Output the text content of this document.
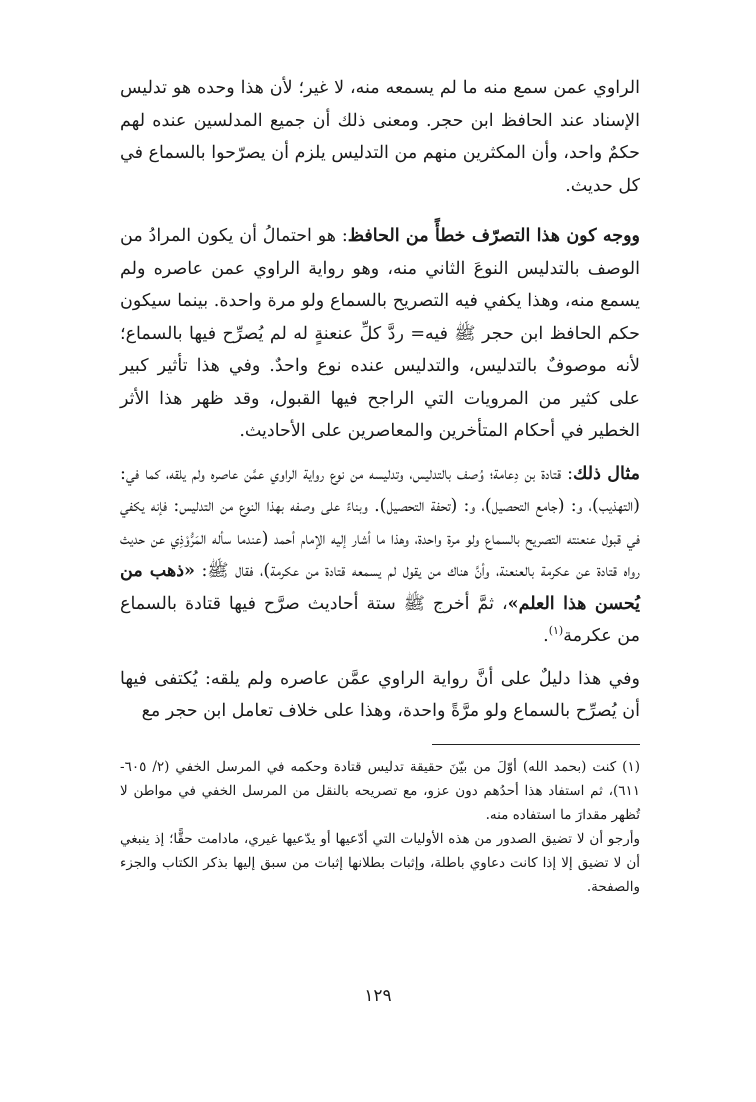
الراوي عمن سمع منه ما لم يسمعه منه، لا غير؛ لأن هذا وحده هو تدليس الإسناد عند الحافظ ابن حجر. ومعنى ذلك أن جميع المدلسين عنده لهم حكمٌ واحد، وأن المكثرين منهم من التدليس يلزم أن يصرّحوا بالسماع في كل حديث.

ووجه كون هذا التصرّف خطأً من الحافظ: هو احتمالُ أن يكون المرادُ من الوصف بالتدليس النوعَ الثاني منه، وهو رواية الراوي عمن عاصره ولم يسمع منه، وهذا يكفي فيه التصريح بالسماع ولو مرة واحدة. بينما سيكون حكم الحافظ ابن حجر ﷺ فيه= ردَّ كلِّ عنعنةٍ له لم يُصرِّح فيها بالسماع؛ لأنه موصوفٌ بالتدليس، والتدليس عنده نوع واحدٌ. وفي هذا تأثير كبير على كثير من المرويات التي الراجح فيها القبول، وقد ظهر هذا الأثر الخطير في أحكام المتأخرين والمعاصرين على الأحاديث.

مثال ذلك: قتادة بن دِعامة؛ وُصف بالتدليس، وتدليسه من نوع رواية الراوي عمَّن عاصره ولم يلقه، كما في: (التهذيب)، و: (جامع التحصيل)، و: (تحفة التحصيل). وبناءً على وصفه بهذا النوع من التدليس: فإنه يكفي في قبول عنعنته التصريح بالسماع ولو مرة واحدة، وهذا ما أشار إليه الإمام أحمد (عندما سأله المَرُّوْذِي عن حديث رواه قتادة عن عكرمة بالعنعنة، وأنَّ هناك من يقول لم يسمعه قتادة من عكرمة)، فقال ﷺ: «ذهب من يُحسن هذا العلم»، ثمَّ أخرج ﷺ ستة أحاديث صرَّح فيها قتادة بالسماع من عكرمة$^{(١)}$.

وفي هذا دليلٌ على أنَّ رواية الراوي عمَّن عاصره ولم يلقه: يُكتفى فيها أن يُصرِّح بالسماع ولو مرَّةً واحدة، وهذا على خلاف تعامل ابن حجر مع

(١) كنت (بحمد الله) أوّلَ من بيّنَ حقيقة تدليس قتادة وحكمه في المرسل الخفي (٢/ ٦٠٥- ٦١١)، ثم استفاد هذا أحدُهم دون عزو، مع تصريحه بالنقل من المرسل الخفي في مواطن لا تُظهر مقدارَ ما استفاده منه.

وأرجو أن لا تضيق الصدور من هذه الأوليات التي أدّعيها أو يدّعيها غيري، مادامت حقًّا؛ إذ ينبغي أن لا تضيق إلا إذا كانت دعاوي باطلة، وإثبات بطلانها إثبات من سبق إليها بذكر الكتاب والجزء والصفحة.

١٢٩
